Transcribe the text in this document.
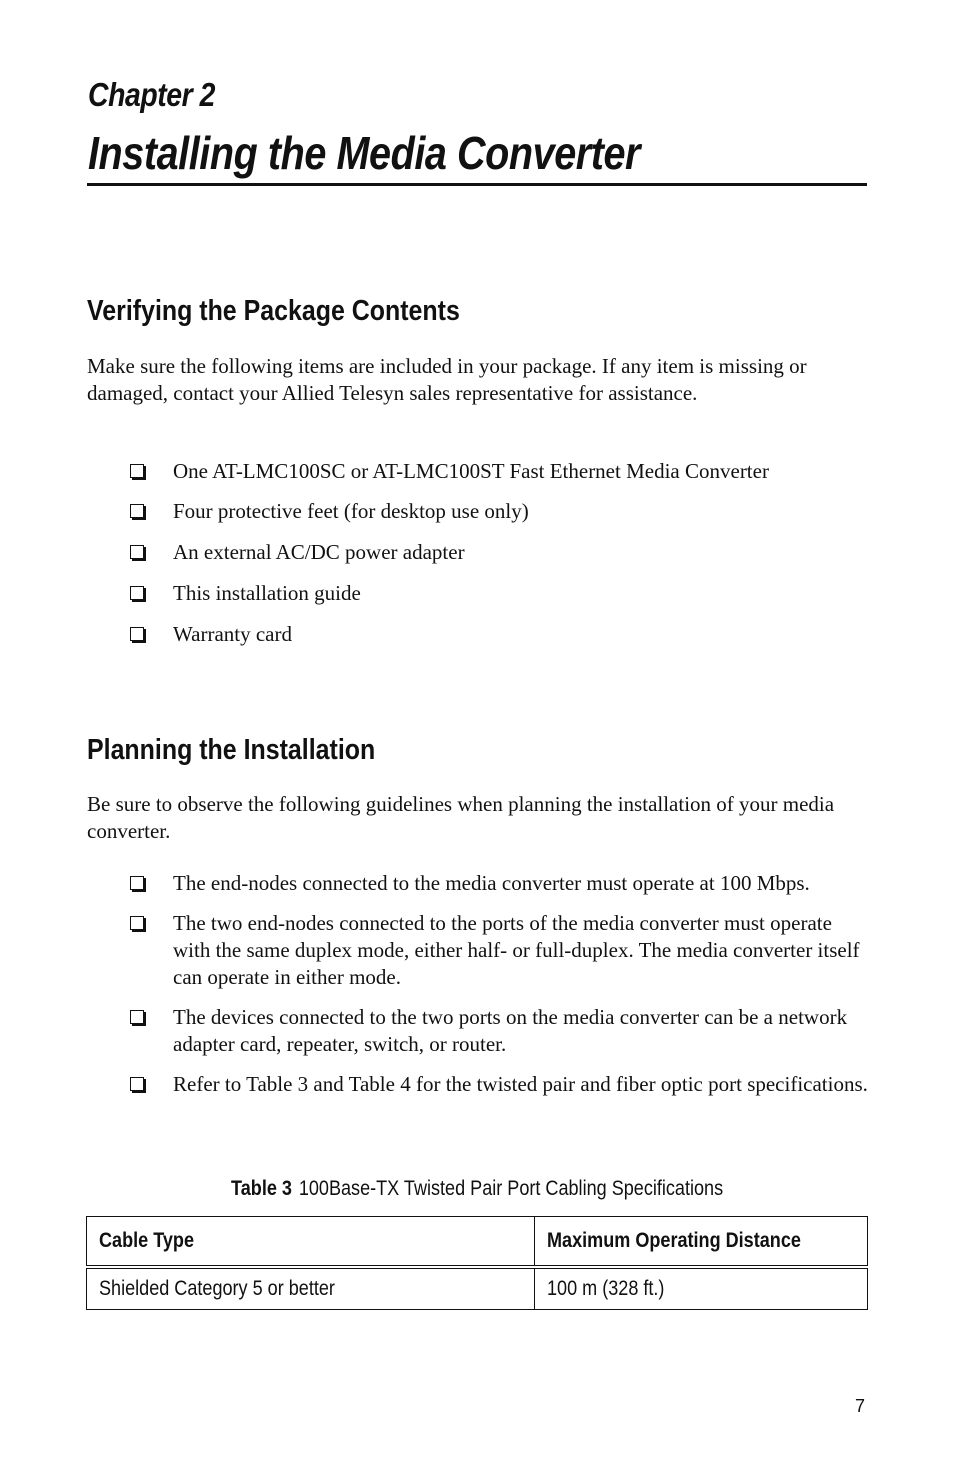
Chapter 2
Installing the Media Converter
Verifying the Package Contents

Make sure the following items are included in your package. If any item is missing or damaged, contact your Allied Telesyn sales representative for assistance.

One AT-LMC100SC or AT-LMC100ST Fast Ethernet Media Converter
Four protective feet (for desktop use only)
An external AC/DC power adapter
This installation guide
Warranty card
Planning the Installation

Be sure to observe the following guidelines when planning the installation of your media converter.

The end-nodes connected to the media converter must operate at 100 Mbps.
The two end-nodes connected to the ports of the media converter must operate with the same duplex mode, either half- or full-duplex. The media converter itself can operate in either mode.
The devices connected to the two ports on the media converter can be a network adapter card, repeater, switch, or router.
Refer to Table 3 and Table 4 for the twisted pair and fiber optic port specifications.
Table 3 100Base-TX Twisted Pair Port Cabling Specifications
Cable Type	Maximum Operating Distance
Shielded Category 5 or better	100 m (328 ft.)
7
